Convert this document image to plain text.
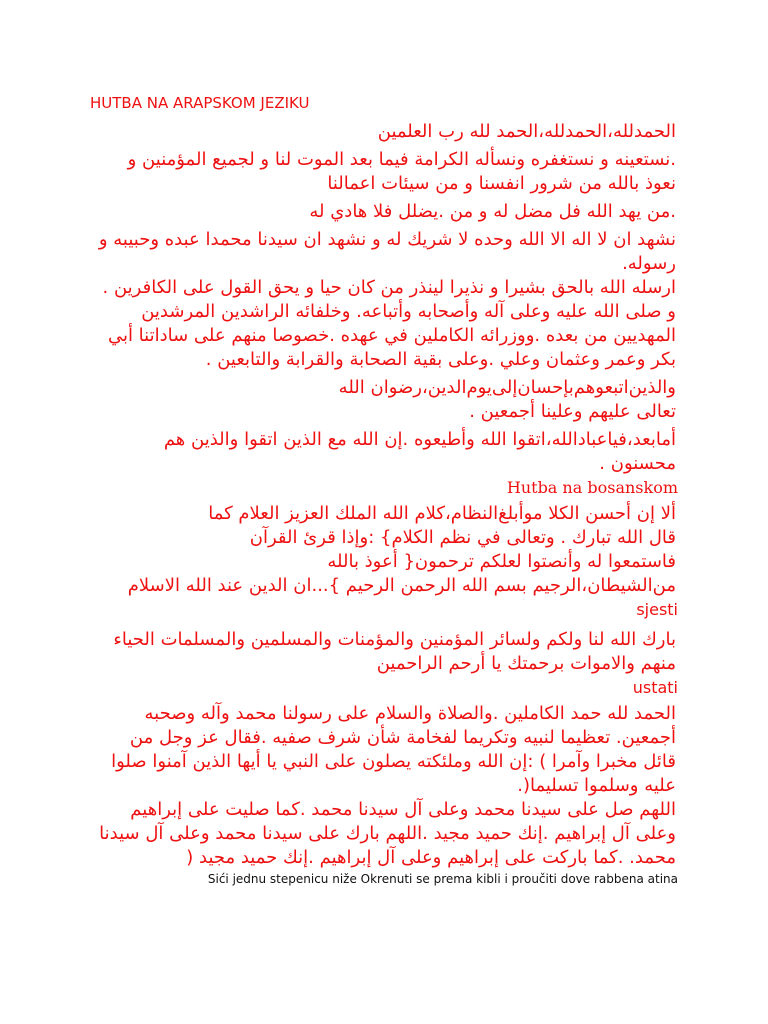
HUTBA NA ARAPSKOM JEZIKU
الحمدلله،الحمدلله،الحمد لله رب العلمين
.نستعينه و نستغفره ونسأله الكرامة فيما بعد الموت لنا و لجميع المؤمنين و
نعوذ بالله من شرور انفسنا و من سيئات اعمالنا
.من يهد الله فل مضل له و من .يضلل فلا هادي له
نشهد ان لا اله الا الله وحده لا شريك له و نشهد ان سيدنا محمدا عبده وحبيبه و
رسوله.
ارسله الله بالحق بشيرا و نذيرا لينذر من كان حيا و يحق القول على الكافرين .
و صلى الله عليه وعلى آله وأصحابه وأتباعه. وخلفائه الراشدين المرشدين
المهديين من بعده .ووزرائه الكاملين في عهده .خصوصا منهم على ساداتنا أبي
بكر وعمر وعثمان وعلي .وعلى بقية الصحابة والقرابة والتابعين .
والذين‌اتبعوهم‌بإحسان‌إلى‌يوم‌الدين،رضوان الله
تعالى عليهم وعلينا أجمعين .
أمابعد،فياعبادالله،اتقوا الله وأطيعوه .إن الله مع الذين اتقوا والذين هم
محسنون .
Hutba na bosanskom
ألا إن أحسن الكلا موأبلغ‌النظام،كلام الله الملك العزيز العلام كما
قال الله تبارك . وتعالى في نظم الكلام} :وإذا قرئ القرآن
فاستمعوا له وأنصتوا لعلكم ترحمون{ أعوذ بالله
من‌الشيطان،الرجيم بسم الله الرحمن الرحيم }...ان الدين عند الله الاسلام
sjesti
بارك الله لنا ولكم ولسائر المؤمنين والمؤمنات والمسلمين والمسلمات الحياء
منهم والاموات برحمتك يا أرحم الراحمين
ustati
الحمد لله حمد الكاملين .والصلاة والسلام على رسولنا محمد وآله وصحبه
أجمعين. تعظيما لنبيه وتكريما لفخامة شأن شرف صفيه .فقال عز وجل من
قائل مخبرا وآمرا ) :إن الله وملئكته يصلون على النبي يا أيها الذين آمنوا صلوا
عليه وسلموا تسليما(.
اللهم صل على سيدنا محمد وعلى آل سيدنا محمد .كما صليت على إبراهيم
وعلى آل إبراهيم .إنك حميد مجيد .اللهم بارك على سيدنا محمد وعلى آل سيدنا
محمد. .كما باركت على إبراهيم وعلى آل إبراهيم .إنك حميد مجيد (
Sići jednu stepenicu niže Okrenuti se prema kibli i proučiti dove rabbena atina
